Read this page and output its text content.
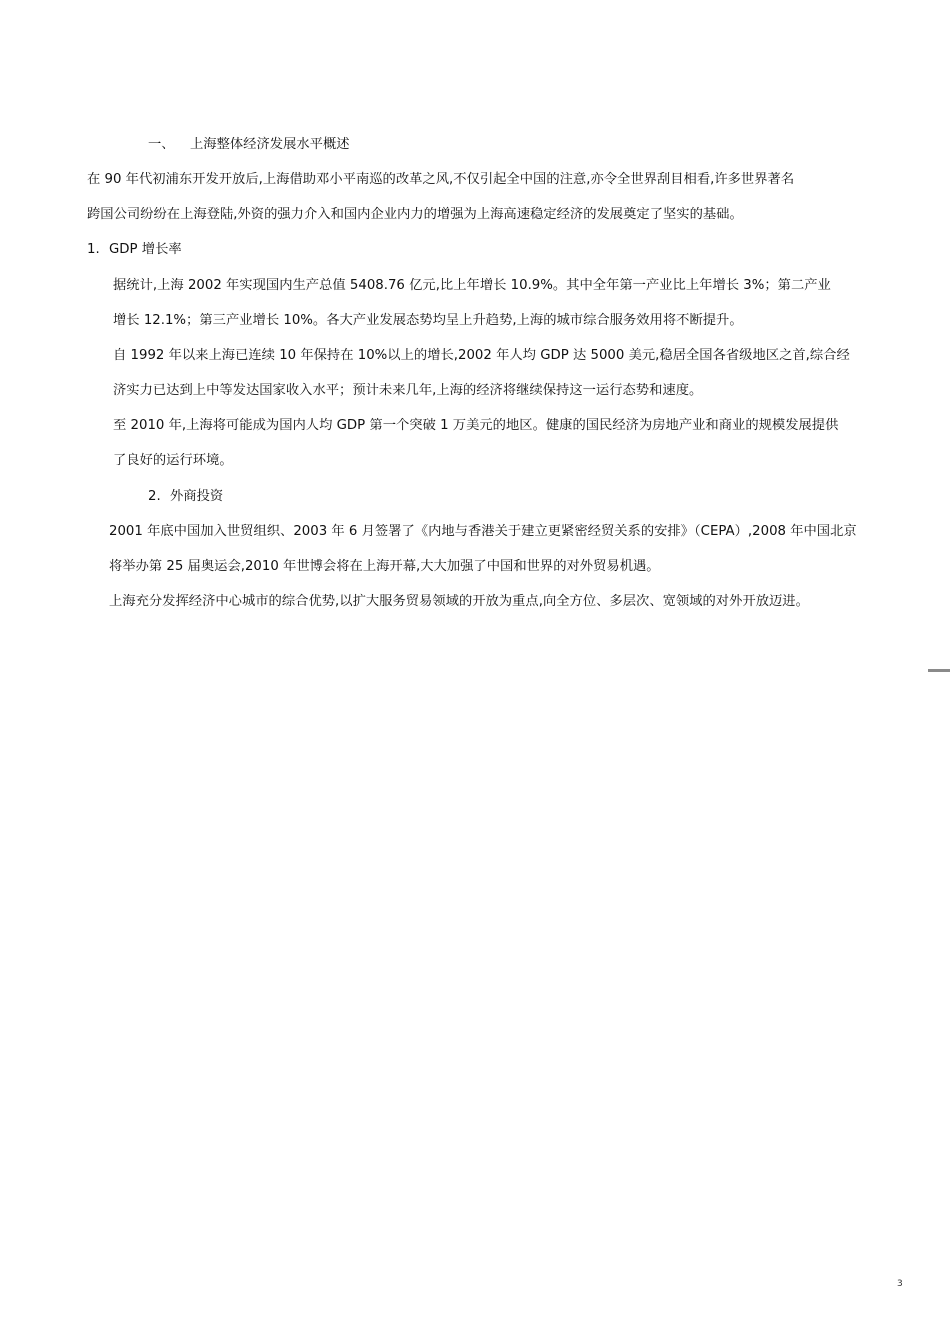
一、 上海整体经济发展水平概述
在 90 年代初浦东开发开放后,上海借助邓小平南巡的改革之风,不仅引起全中国的注意,亦令全世界刮目相看,许多世界著名
跨国公司纷纷在上海登陆,外资的强力介入和国内企业内力的增强为上海高速稳定经济的发展奠定了坚实的基础。
1. GDP 增长率
据统计,上海 2002 年实现国内生产总值 5408.76 亿元,比上年增长 10.9%。其中全年第一产业比上年增长 3%；第二产业
增长 12.1%；第三产业增长 10%。各大产业发展态势均呈上升趋势,上海的城市综合服务效用将不断提升。
自 1992 年以来上海已连续 10 年保持在 10%以上的增长,2002 年人均 GDP 达 5000 美元,稳居全国各省级地区之首,综合经
济实力已达到上中等发达国家收入水平；预计未来几年,上海的经济将继续保持这一运行态势和速度。
至 2010 年,上海将可能成为国内人均 GDP 第一个突破 1 万美元的地区。健康的国民经济为房地产业和商业的规模发展提供
了良好的运行环境。
2. 外商投资
2001 年底中国加入世贸组织、2003 年 6 月签署了《内地与香港关于建立更紧密经贸关系的安排》（CEPA）,2008 年中国北京
将举办第 25 届奥运会,2010 年世博会将在上海开幕,大大加强了中国和世界的对外贸易机遇。
上海充分发挥经济中心城市的综合优势,以扩大服务贸易领域的开放为重点,向全方位、多层次、宽领域的对外开放迈进。
3
